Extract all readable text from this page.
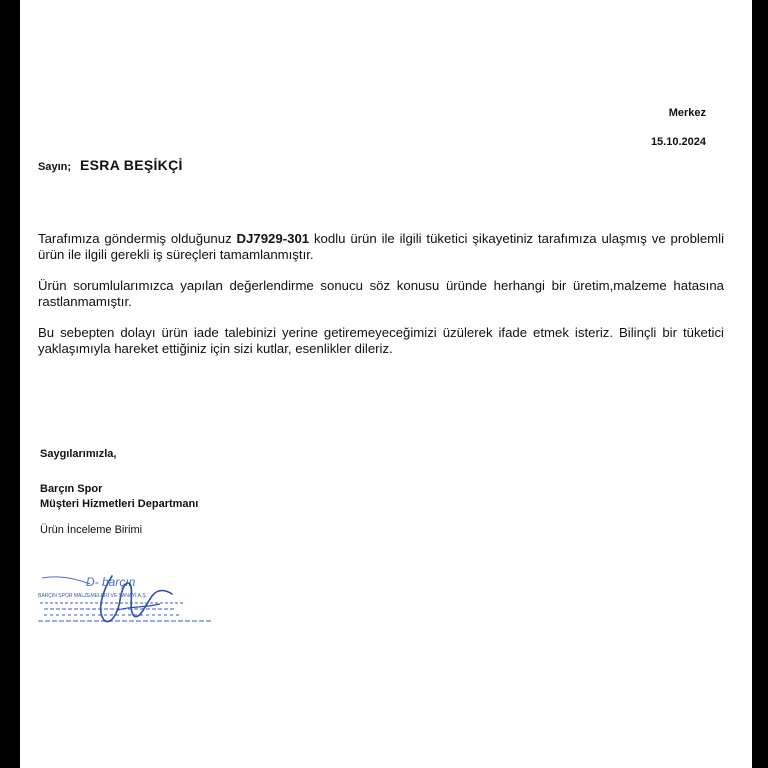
Merkez
15.10.2024
Sayın; ESRA BEŞİKÇİ
Tarafımıza göndermiş olduğunuz DJ7929-301 kodlu ürün ile ilgili tüketici şikayetiniz tarafımıza ulaşmış ve problemli ürün ile ilgili gerekli iş süreçleri tamamlanmıştır.
Ürün sorumlularımızca yapılan değerlendirme sonucu söz konusu üründe herhangi bir üretim,malzeme hatasına rastlanmamıştır.
Bu sebepten dolayı ürün iade talebinizi yerine getiremeyeceğimizi üzülerek ifade etmek isteriz. Bilinçli bir tüketici yaklaşımıyla hareket ettiğiniz için sizi kutlar, esenlikler dileriz.
Saygılarımızla,
Barçın Spor
Müşteri Hizmetleri Departmanı
Ürün İnceleme Birimi
D- barçın
BARÇIN SPOR MALZEMELERİ VE SANAYİ A.Ş.
